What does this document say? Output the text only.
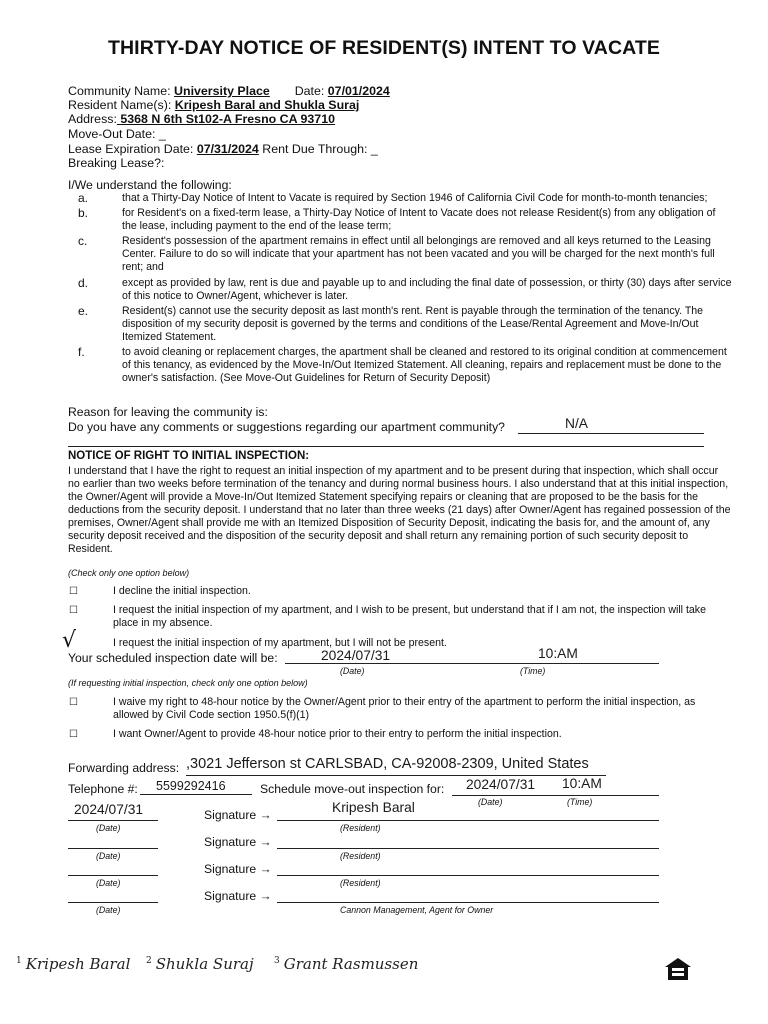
THIRTY-DAY NOTICE OF RESIDENT(S) INTENT TO VACATE
Community Name: University Place Date: 07/01/2024
Resident Name(s): Kripesh Baral and Shukla Suraj
Address: 5368 N 6th St102-A Fresno CA 93710
Move-Out Date: _
Lease Expiration Date: 07/31/2024 Rent Due Through: _
Breaking Lease?:
I/We understand the following:
a.	that a Thirty-Day Notice of Intent to Vacate is required by Section 1946 of California Civil Code for month-to-month tenancies;
b.	for Resident's on a fixed-term lease, a Thirty-Day Notice of Intent to Vacate does not release Resident(s) from any obligation of the lease, including payment to the end of the lease term;
c.	Resident's possession of the apartment remains in effect until all belongings are removed and all keys returned to the Leasing Center. Failure to do so will indicate that your apartment has not been vacated and you will be charged for the next month's full rent; and
d.	except as provided by law, rent is due and payable up to and including the final date of possession, or thirty (30) days after service of this notice to Owner/Agent, whichever is later.
e.	Resident(s) cannot use the security deposit as last month's rent. Rent is payable through the termination of the tenancy. The disposition of my security deposit is governed by the terms and conditions of the Lease/Rental Agreement and Move-In/Out Itemized Statement.
f.	to avoid cleaning or replacement charges, the apartment shall be cleaned and restored to its original condition at commencement of this tenancy, as evidenced by the Move-In/Out Itemized Statement. All cleaning, repairs and replacement must be done to the owner's satisfaction. (See Move-Out Guidelines for Return of Security Deposit)
Reason for leaving the community is:
Do you have any comments or suggestions regarding our apartment community?	N/A
NOTICE OF RIGHT TO INITIAL INSPECTION:
I understand that I have the right to request an initial inspection of my apartment and to be present during that inspection, which shall occur no earlier than two weeks before termination of the tenancy and during normal business hours. I also understand that at this initial inspection, the Owner/Agent will provide a Move-In/Out Itemized Statement specifying repairs or cleaning that are proposed to be the basis for the deductions from the security deposit. I understand that no later than three weeks (21 days) after Owner/Agent has regained possession of the premises, Owner/Agent shall provide me with an Itemized Disposition of Security Deposit, indicating the basis for, and the amount of, any security deposit received and the disposition of the security deposit and shall return any remaining portion of such security deposit to Resident.
(Check only one option below)
☐	I decline the initial inspection.
☐	I request the initial inspection of my apartment, and I wish to be present, but understand that if I am not, the inspection will take place in my absence.
I request the initial inspection of my apartment, but I will not be present.
√
Your scheduled inspection date will be:	2024/07/31	10:AM
(Date)	(Time)
(If requesting initial inspection, check only one option below)
☐	I waive my right to 48-hour notice by the Owner/Agent prior to their entry of the apartment to perform the initial inspection, as allowed by Civil Code section 1950.5(f)(1)
☐	I want Owner/Agent to provide 48-hour notice prior to their entry to perform the initial inspection.
Forwarding address: ,3021 Jefferson st CARLSBAD, CA-92008-2309, United States
Telephone #: 5599292416	Schedule move-out inspection for: 2024/07/31 10:AM
(Date)	(Time)
2024/07/31
(Date)
Signature →	Kripesh Baral
(Resident)
(Date)
Signature →
(Resident)
(Date)
Signature →
(Resident)
(Date)
Signature →
Cannon Management, Agent for Owner
$^1$ Kripesh Baral $^2$ Shukla Suraj $^3$ Grant Rasmussen
